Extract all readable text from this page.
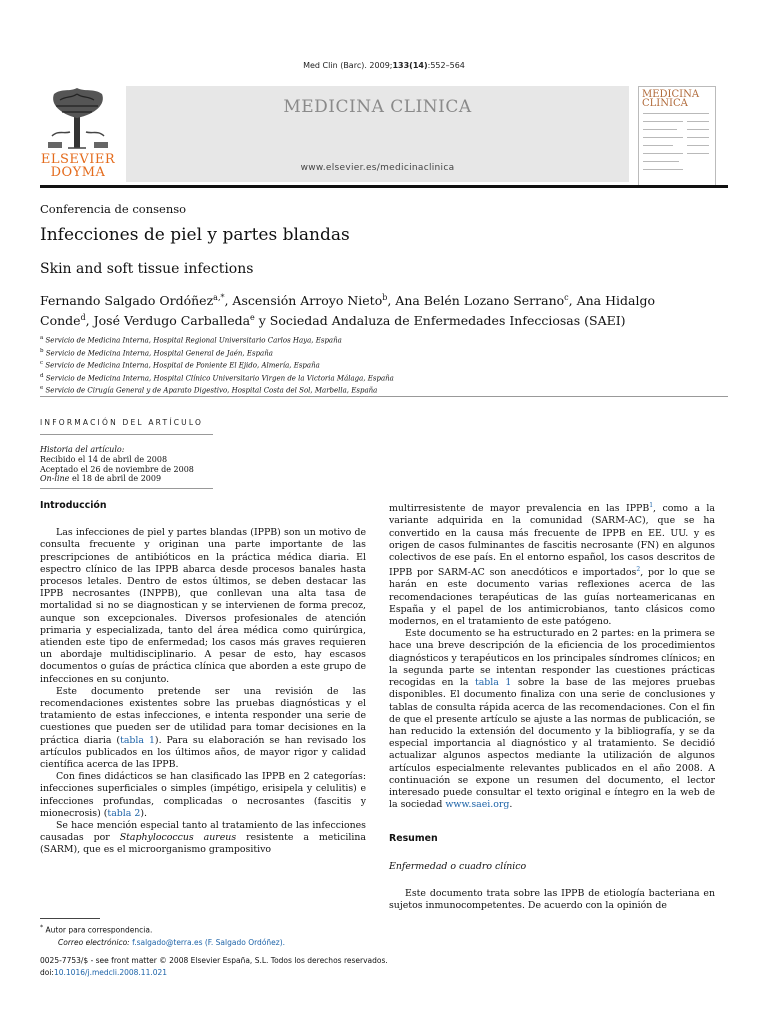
Med Clin (Barc). 2009;133(14):552–564
ELSEVIER
DOYMA
MEDICINA CLINICA
www.elsevier.es/medicinaclinica
MEDICINA
CLINICA
Conferencia de consenso
Infecciones de piel y partes blandas
Skin and soft tissue infections
Fernando Salgado Ordóñez$^{a,*}$, Ascensión Arroyo Nieto$^b$, Ana Belén Lozano Serrano$^c$, Ana Hidalgo
Conde$^d$, José Verdugo Carballeda$^e$ y Sociedad Andaluza de Enfermedades Infecciosas (SAEI)
$^a$ Servicio de Medicina Interna, Hospital Regional Universitario Carlos Haya, España
$^b$ Servicio de Medicina Interna, Hospital General de Jaén, España
$^c$ Servicio de Medicina Interna, Hospital de Poniente El Ejido, Almería, España
$^d$ Servicio de Medicina Interna, Hospital Clínico Universitario Virgen de la Victoria Málaga, España
$^e$ Servicio de Cirugía General y de Aparato Digestivo, Hospital Costa del Sol, Marbella, España
INFORMACIÓN DEL ARTÍCULO
Historia del artículo:
Recibido el 14 de abril de 2008
Aceptado el 26 de noviembre de 2008
On-line el 18 de abril de 2009
Introducción

Las infecciones de piel y partes blandas (IPPB) son un motivo de consulta frecuente y originan una parte importante de las prescripciones de antibióticos en la práctica médica diaria. El espectro clínico de las IPPB abarca desde procesos banales hasta procesos letales. Dentro de estos últimos, se deben destacar las IPPB necrosantes (INPPB), que conllevan una alta tasa de mortalidad si no se diagnostican y se intervienen de forma precoz, aunque son excepcionales. Diversos profesionales de atención primaria y especializada, tanto del área médica como quirúrgica, atienden este tipo de enfermedad; los casos más graves requieren un abordaje multidisciplinario. A pesar de esto, hay escasos documentos o guías de práctica clínica que aborden a este grupo de infecciones en su conjunto.

Este documento pretende ser una revisión de las recomendaciones existentes sobre las pruebas diagnósticas y el tratamiento de estas infecciones, e intenta responder una serie de cuestiones que pueden ser de utilidad para tomar decisiones en la práctica diaria (tabla 1). Para su elaboración se han revisado los artículos publicados en los últimos años, de mayor rigor y calidad científica acerca de las IPPB.

Con fines didácticos se han clasificado las IPPB en 2 categorías: infecciones superficiales o simples (impétigo, erisipela y celulitis) e infecciones profundas, complicadas o necrosantes (fascitis y mionecrosis) (tabla 2).

Se hace mención especial tanto al tratamiento de las infecciones causadas por Staphylococcus aureus resistente a meticilina (SARM), que es el microorganismo grampositivo

multirresistente de mayor prevalencia en las IPPB$^1$, como a la variante adquirida en la comunidad (SARM-AC), que se ha convertido en la causa más frecuente de IPPB en EE. UU. y es origen de casos fulminantes de fascitis necrosante (FN) en algunos colectivos de ese país. En el entorno español, los casos descritos de IPPB por SARM-AC son anecdóticos e importados$^2$, por lo que se harán en este documento varias reflexiones acerca de las recomendaciones terapéuticas de las guías norteamericanas en España y el papel de los antimicrobianos, tanto clásicos como modernos, en el tratamiento de este patógeno.

Este documento se ha estructurado en 2 partes: en la primera se hace una breve descripción de la eficiencia de los procedimientos diagnósticos y terapéuticos en los principales síndromes clínicos; en la segunda parte se intentan responder las cuestiones prácticas recogidas en la tabla 1 sobre la base de las mejores pruebas disponibles. El documento finaliza con una serie de conclusiones y tablas de consulta rápida acerca de las recomendaciones. Con el fin de que el presente artículo se ajuste a las normas de publicación, se han reducido la extensión del documento y la bibliografía, y se da especial importancia al diagnóstico y al tratamiento. Se decidió actualizar algunos aspectos mediante la utilización de algunos artículos especialmente relevantes publicados en el año 2008. A continuación se expone un resumen del documento, el lector interesado puede consultar el texto original e íntegro en la web de la sociedad www.saei.org.

Resumen

Enfermedad o cuadro clínico

Este documento trata sobre las IPPB de etiología bacteriana en sujetos inmunocompetentes. De acuerdo con la opinión de

* Autor para correspondencia.
Correo electrónico: f.salgado@terra.es (F. Salgado Ordóñez).
0025-7753/$ - see front matter © 2008 Elsevier España, S.L. Todos los derechos reservados.
doi:10.1016/j.medcli.2008.11.021
